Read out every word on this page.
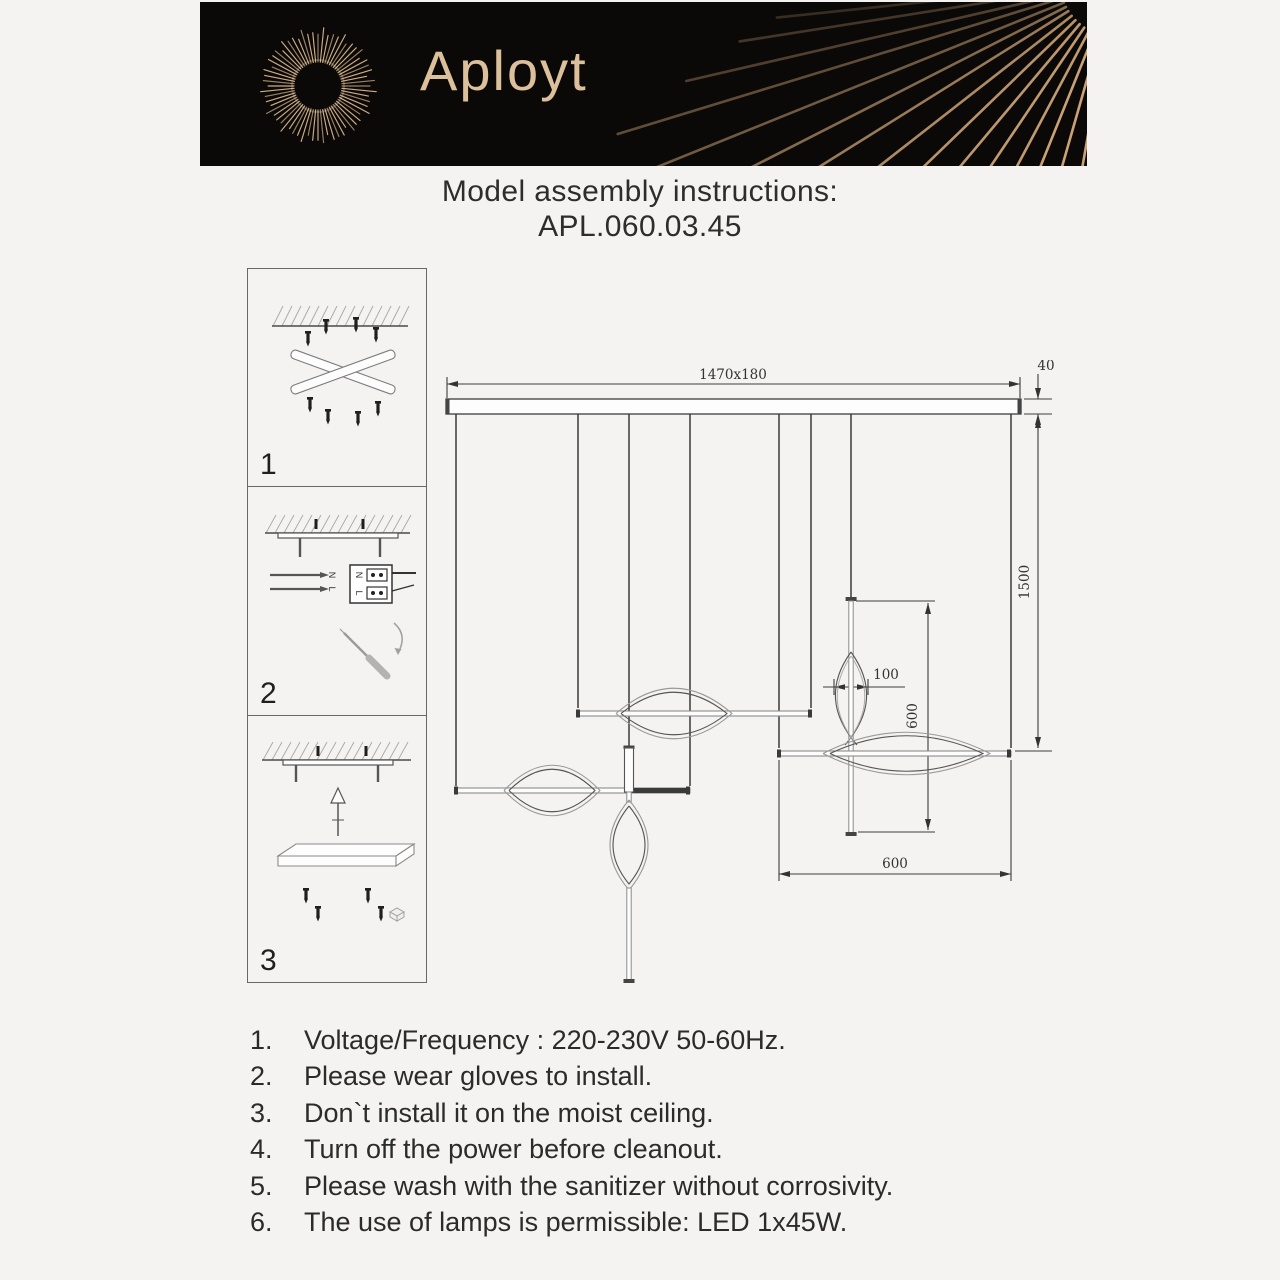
Aployt
Model assembly instructions:
APL.060.03.45
1
N
L
N
L
2
3
1470x180
40
1500
100
600
600
1.	Voltage/Frequency : 220-230V 50-60Hz.
2.	Please wear gloves to install.
3.	Don`t install it on the moist ceiling.
4.	Turn off the power before cleanout.
5.	Please wash with the sanitizer without corrosivity.
6.	The use of lamps is permissible: LED 1x45W.
